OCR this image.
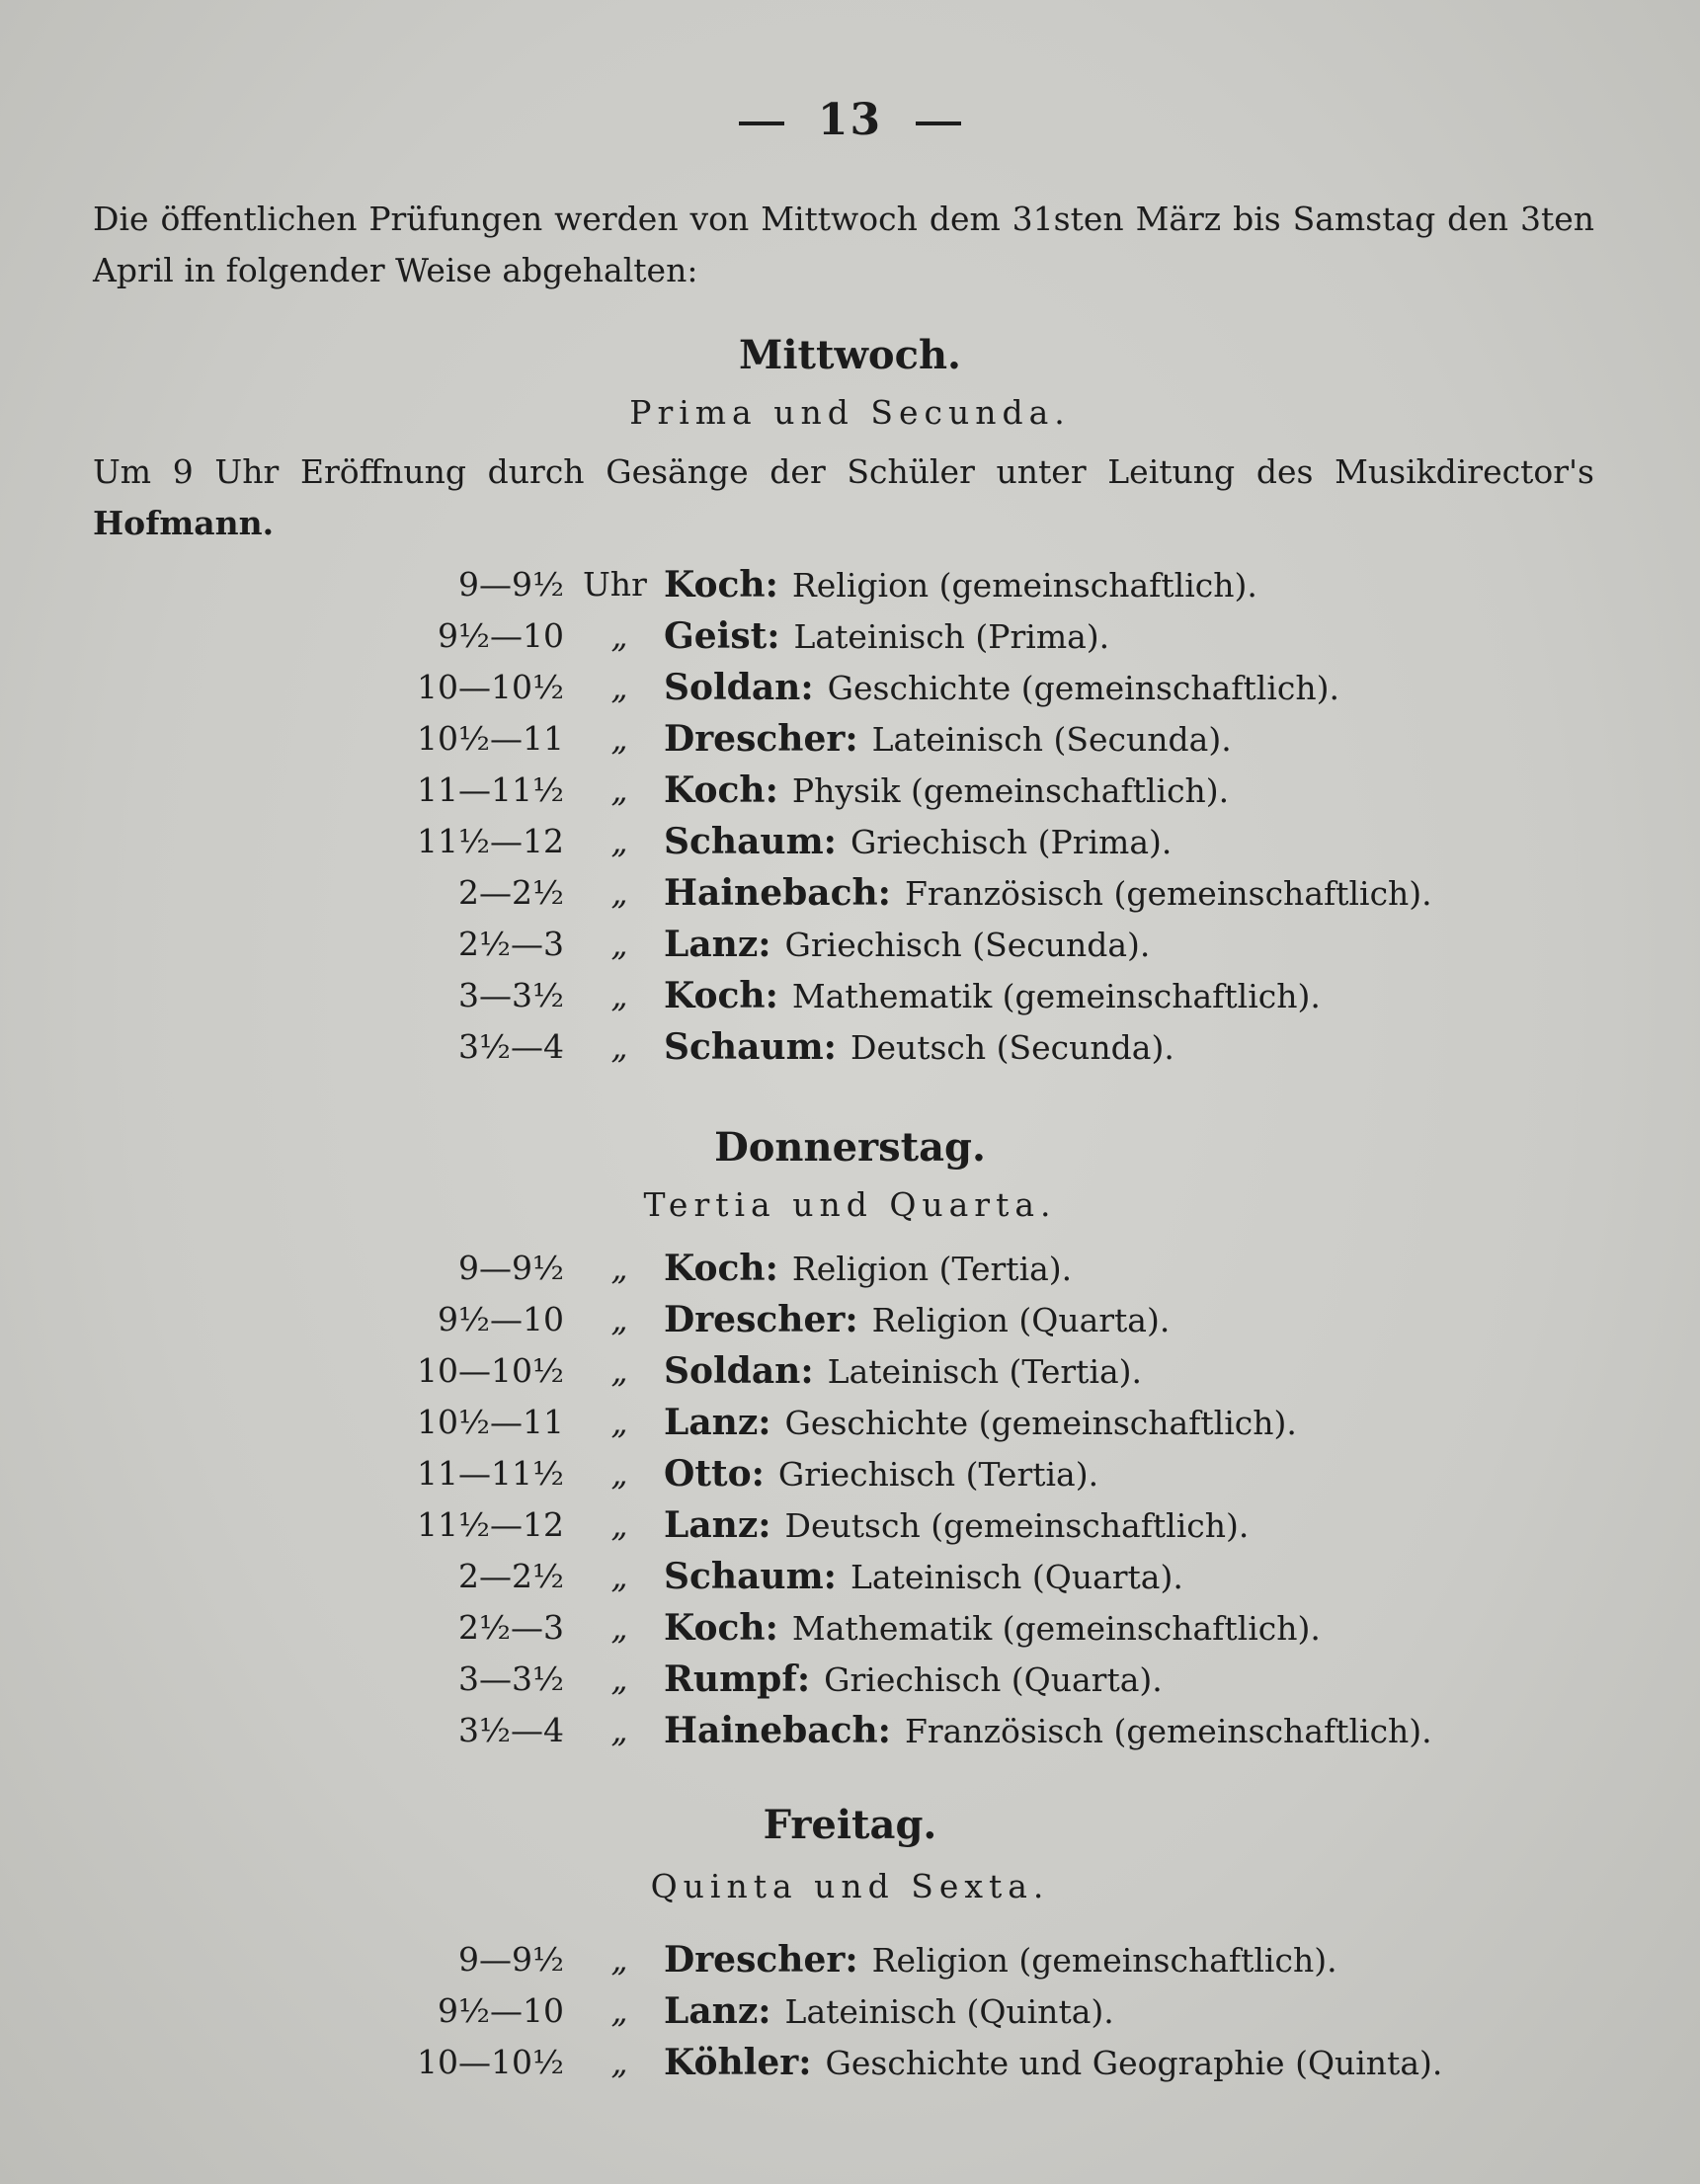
13
Die öffentlichen Prüfungen werden von Mittwoch dem 31sten März bis Samstag den 3ten April in folgender Weise abgehalten:
Mittwoch.
Prima und Secunda.
Um 9 Uhr Eröffnung durch Gesänge der Schüler unter Leitung des Musikdirector's Hofmann.
9—9½ Uhr Koch: Religion (gemeinschaftlich).
9½—10 „ Geist: Lateinisch (Prima).
10—10½ „ Soldan: Geschichte (gemeinschaftlich).
10½—11 „ Drescher: Lateinisch (Secunda).
11—11½ „ Koch: Physik (gemeinschaftlich).
11½—12 „ Schaum: Griechisch (Prima).
2—2½ „ Hainebach: Französisch (gemeinschaftlich).
2½—3 „ Lanz: Griechisch (Secunda).
3—3½ „ Koch: Mathematik (gemeinschaftlich).
3½—4 „ Schaum: Deutsch (Secunda).
Donnerstag.
Tertia und Quarta.
9—9½ „ Koch: Religion (Tertia).
9½—10 „ Drescher: Religion (Quarta).
10—10½ „ Soldan: Lateinisch (Tertia).
10½—11 „ Lanz: Geschichte (gemeinschaftlich).
11—11½ „ Otto: Griechisch (Tertia).
11½—12 „ Lanz: Deutsch (gemeinschaftlich).
2—2½ „ Schaum: Lateinisch (Quarta).
2½—3 „ Koch: Mathematik (gemeinschaftlich).
3—3½ „ Rumpf: Griechisch (Quarta).
3½—4 „ Hainebach: Französisch (gemeinschaftlich).
Freitag.
Quinta und Sexta.
9—9½ „ Drescher: Religion (gemeinschaftlich).
9½—10 „ Lanz: Lateinisch (Quinta).
10—10½ „ Köhler: Geschichte und Geographie (Quinta).
